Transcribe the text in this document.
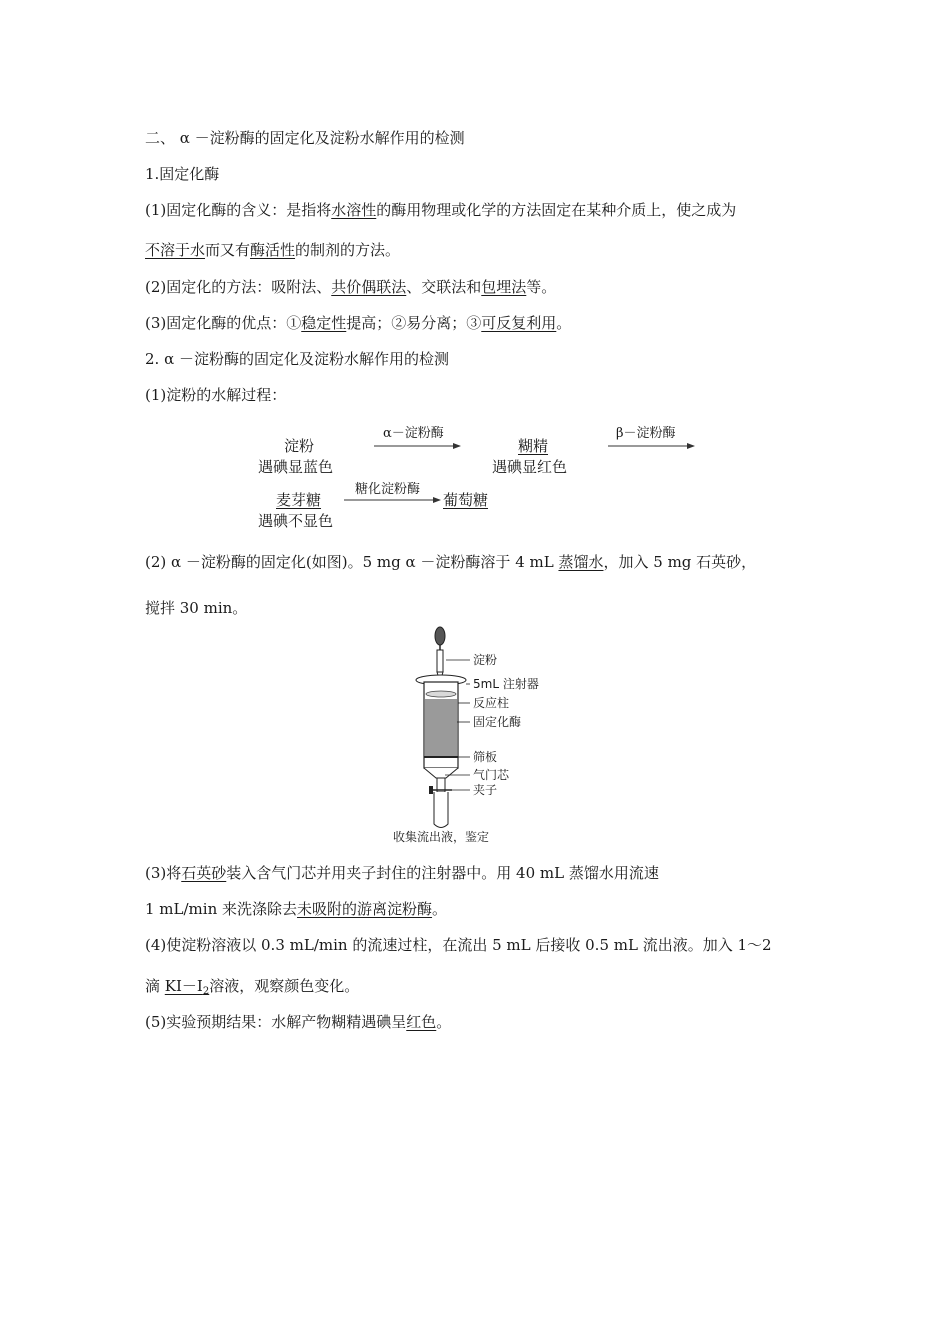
二、 α －淀粉酶的固定化及淀粉水解作用的检测
1.固定化酶
(1)固定化酶的含义：是指将水溶性的酶用物理或化学的方法固定在某种介质上，使之成为
不溶于水而又有酶活性的制剂的方法。
(2)固定化的方法：吸附法、共价偶联法、交联法和包埋法等。
(3)固定化酶的优点：①稳定性提高；②易分离；③可反复利用。
2. α －淀粉酶的固定化及淀粉水解作用的检测
(1)淀粉的水解过程：
淀粉
遇碘显蓝色
α－淀粉酶
糊精
遇碘显红色
β－淀粉酶
麦芽糖
遇碘不显色
糖化淀粉酶
葡萄糖
(2) α －淀粉酶的固定化(如图)。5 mg α －淀粉酶溶于 4 mL 蒸馏水，加入 5 mg 石英砂，
搅拌 30 min。
淀粉
5mL 注射器
反应柱
固定化酶
筛板
气门芯
夹子
收集流出液，鉴定
(3)将石英砂装入含气门芯并用夹子封住的注射器中。用 40 mL 蒸馏水用流速
1 mL/min 来洗涤除去未吸附的游离淀粉酶。
(4)使淀粉溶液以 0.3 mL/min 的流速过柱，在流出 5 mL 后接收 0.5 mL 流出液。加入 1～2
滴 $KI-I_2$溶液，观察颜色变化。
(5)实验预期结果：水解产物糊精遇碘呈红色。
